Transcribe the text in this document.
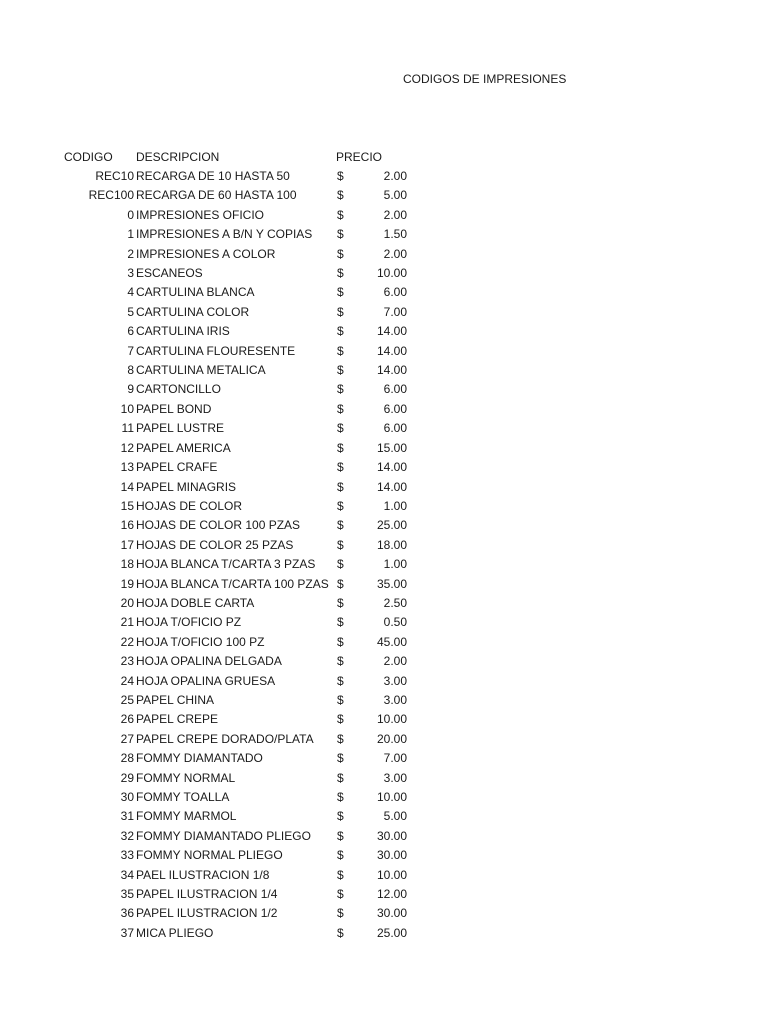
CODIGOS DE IMPRESIONES
CODIGO DESCRIPCION	PRECIO
REC10 RECARGA DE 10 HASTA 50	$	2.00
REC100 RECARGA DE 60 HASTA 100	$	5.00
0 IMPRESIONES OFICIO	$	2.00
1 IMPRESIONES A B/N Y COPIAS $	1.50
2 IMPRESIONES A COLOR	$	2.00
3 ESCANEOS	$	10.00
4 CARTULINA BLANCA	$	6.00
5 CARTULINA COLOR	$	7.00
6 CARTULINA IRIS	$	14.00
7 CARTULINA FLOURESENTE	$	14.00
8 CARTULINA METALICA	$	14.00
9 CARTONCILLO	$	6.00
10 PAPEL BOND	$	6.00
11 PAPEL LUSTRE	$	6.00
12 PAPEL AMERICA	$	15.00
13 PAPEL CRAFE	$	14.00
14 PAPEL MINAGRIS	$	14.00
15 HOJAS DE COLOR	$	1.00
16 HOJAS DE COLOR 100 PZAS	$	25.00
17 HOJAS DE COLOR 25 PZAS	$	18.00
18 HOJA BLANCA T/CARTA 3 PZAS $	1.00
19 HOJA BLANCA T/CARTA 100 PZAS $	35.00
20 HOJA DOBLE CARTA	$	2.50
21 HOJA T/OFICIO PZ	$	0.50
22 HOJA T/OFICIO 100 PZ	$	45.00
23 HOJA OPALINA DELGADA	$	2.00
24 HOJA OPALINA GRUESA	$	3.00
25 PAPEL CHINA	$	3.00
26 PAPEL CREPE	$	10.00
27 PAPEL CREPE DORADO/PLATA $	20.00
28 FOMMY DIAMANTADO	$	7.00
29 FOMMY NORMAL	$	3.00
30 FOMMY TOALLA	$	10.00
31 FOMMY MARMOL	$	5.00
32 FOMMY DIAMANTADO PLIEGO $	30.00
33 FOMMY NORMAL PLIEGO	$	30.00
34 PAEL ILUSTRACION 1/8	$	10.00
35 PAPEL ILUSTRACION 1/4	$	12.00
36 PAPEL ILUSTRACION 1/2	$	30.00
37 MICA PLIEGO	$	25.00
